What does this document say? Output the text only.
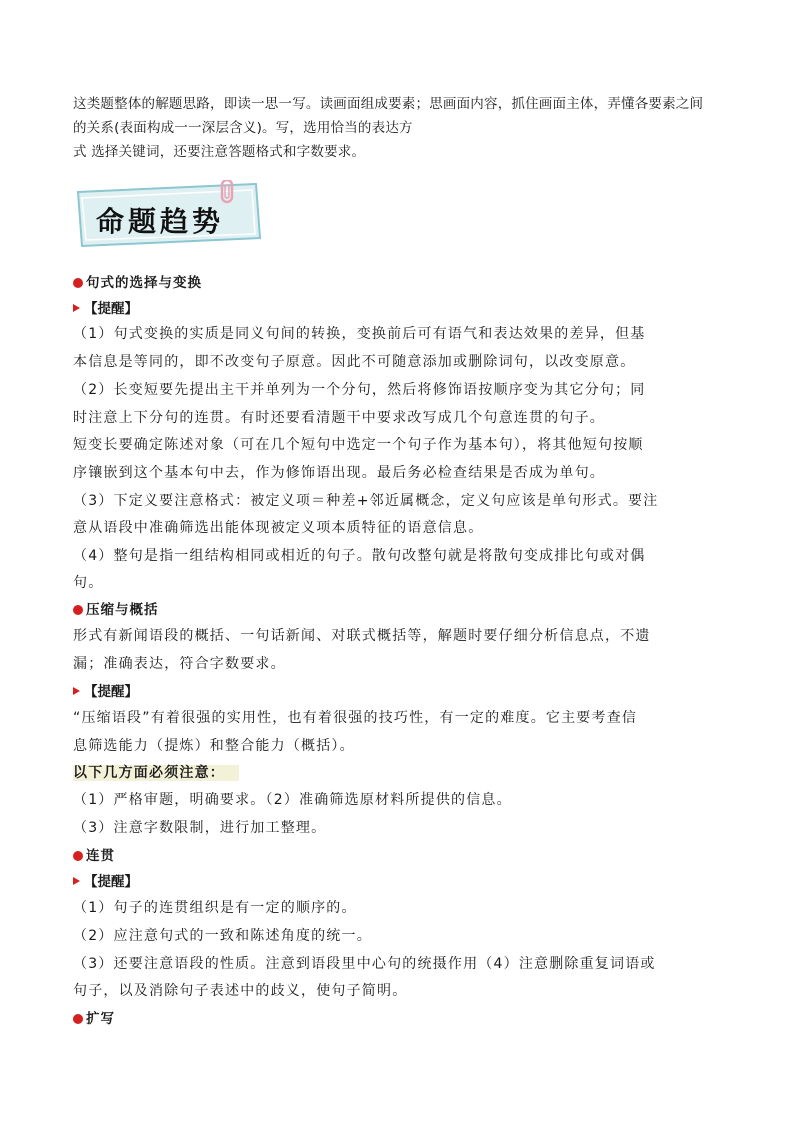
这类题整体的解题思路，即读一思一写。读画面组成要素；思画面内容，抓住画面主体，弄懂各要素之间
的关系(表面构成一一深层含义)。写，选用恰当的表达方
式 选择关键词，还要注意答题格式和字数要求。
命题趋势
句式的选择与变换
【提醒】
（1）句式变换的实质是同义句间的转换，变换前后可有语气和表达效果的差异，但基
本信息是等同的，即不改变句子原意。因此不可随意添加或删除词句，以改变原意。
（2）长变短要先提出主干并单列为一个分句，然后将修饰语按顺序变为其它分句；同
时注意上下分句的连贯。有时还要看清题干中要求改写成几个句意连贯的句子。
短变长要确定陈述对象（可在几个短句中选定一个句子作为基本句），将其他短句按顺
序镶嵌到这个基本句中去，作为修饰语出现。最后务必检查结果是否成为单句。
（3）下定义要注意格式：被定义项＝种差+邻近属概念，定义句应该是单句形式。要注
意从语段中准确筛选出能体现被定义项本质特征的语意信息。
（4）整句是指一组结构相同或相近的句子。散句改整句就是将散句变成排比句或对偶
句。
压缩与概括
形式有新闻语段的概括、一句话新闻、对联式概括等，解题时要仔细分析信息点，不遗
漏；准确表达，符合字数要求。
【提醒】
“压缩语段”有着很强的实用性，也有着很强的技巧性，有一定的难度。它主要考查信
息筛选能力（提炼）和整合能力（概括）。
以下几方面必须注意：
（1）严格审题，明确要求。（2）准确筛选原材料所提供的信息。
（3）注意字数限制，进行加工整理。
连贯
【提醒】
（1）句子的连贯组织是有一定的顺序的。
（2）应注意句式的一致和陈述角度的统一。
（3）还要注意语段的性质。注意到语段里中心句的统摄作用（4）注意删除重复词语或
句子，以及消除句子表述中的歧义，使句子简明。
扩写
